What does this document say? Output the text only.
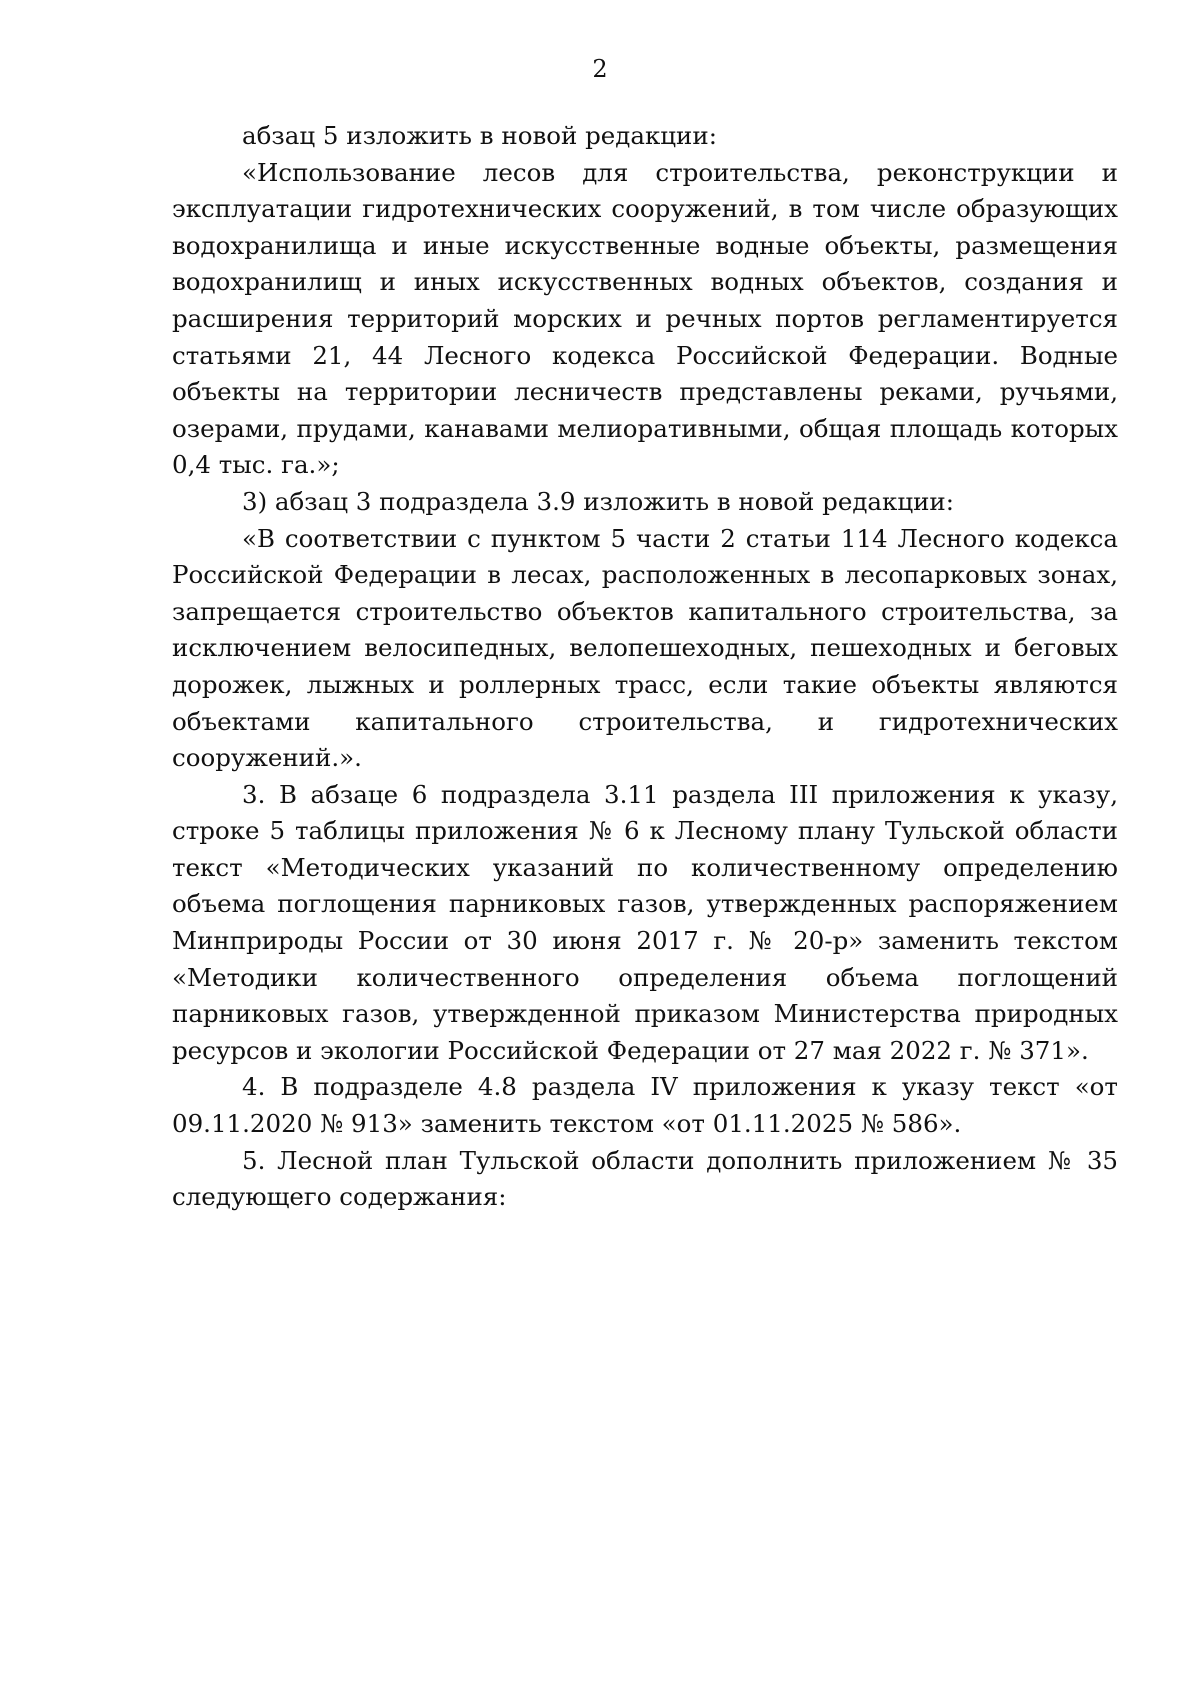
2

абзац 5 изложить в новой редакции:

«Использование лесов для строительства, реконструкции и эксплуатации гидротехнических сооружений, в том числе образующих водохранилища и иные искусственные водные объекты, размещения водохранилищ и иных искусственных водных объектов, создания и расширения территорий морских и речных портов регламентируется статьями 21, 44 Лесного кодекса Российской Федерации. Водные объекты на территории лесничеств представлены реками, ручьями, озерами, прудами, канавами мелиоративными, общая площадь которых 0,4 тыс. га.»;

3) абзац 3 подраздела 3.9 изложить в новой редакции:

«В соответствии с пунктом 5 части 2 статьи 114 Лесного кодекса Российской Федерации в лесах, расположенных в лесопарковых зонах, запрещается строительство объектов капитального строительства, за исключением велосипедных, велопешеходных, пешеходных и беговых дорожек, лыжных и роллерных трасс, если такие объекты являются объектами капитального строительства, и гидротехнических сооружений.».

3. В абзаце 6 подраздела 3.11 раздела III приложения к указу, строке 5 таблицы приложения № 6 к Лесному плану Тульской области текст «Методических указаний по количественному определению объема поглощения парниковых газов, утвержденных распоряжением Минприроды России от 30 июня 2017 г. № 20-р» заменить текстом «Методики количественного определения объема поглощений парниковых газов, утвержденной приказом Министерства природных ресурсов и экологии Российской Федерации от 27 мая 2022 г. № 371».

4. В подразделе 4.8 раздела IV приложения к указу текст «от 09.11.2020 № 913» заменить текстом «от 01.11.2025 № 586».

5. Лесной план Тульской области дополнить приложением № 35 следующего содержания:
